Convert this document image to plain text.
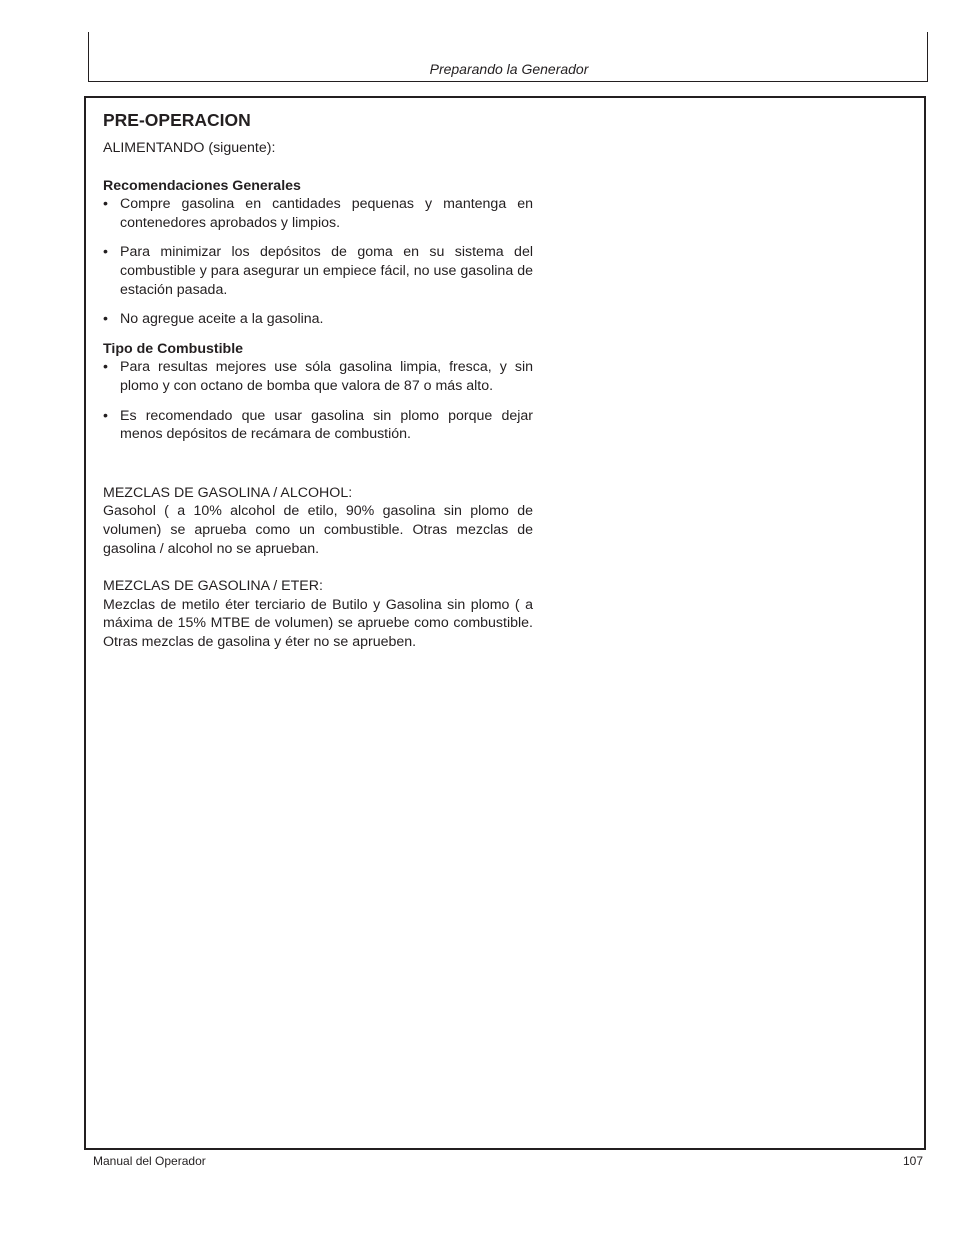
Preparando la Generador
PRE-OPERACION

ALIMENTANDO (siguente):

Recomendaciones Generales

• Compre gasolina en cantidades pequenas y mantenga en contenedores aprobados y limpios.
• Para minimizar los depósitos de goma en su sistema del combustible y para asegurar un empiece fácil, no use gasolina de estación pasada.
• No agregue aceite a la gasolina.

Tipo de Combustible

• Para resultas mejores use sóla gasolina limpia, fresca, y sin plomo y con octano de bomba que valora de 87 o más alto.
• Es recomendado que usar gasolina sin plomo porque dejar menos depósitos de recámara de combustión.

MEZCLAS DE GASOLINA / ALCOHOL:

Gasohol ( a 10% alcohol de etilo, 90% gasolina sin plomo de volumen) se aprueba como un combustible. Otras mezclas de gasolina / alcohol no se aprueban.

MEZCLAS DE GASOLINA / ETER:

Mezclas de metilo éter terciario de Butilo y Gasolina sin plomo ( a máxima de 15% MTBE de volumen) se apruebe como combustible. Otras mezclas de gasolina y éter no se aprueben.

Manual del Operador	107
